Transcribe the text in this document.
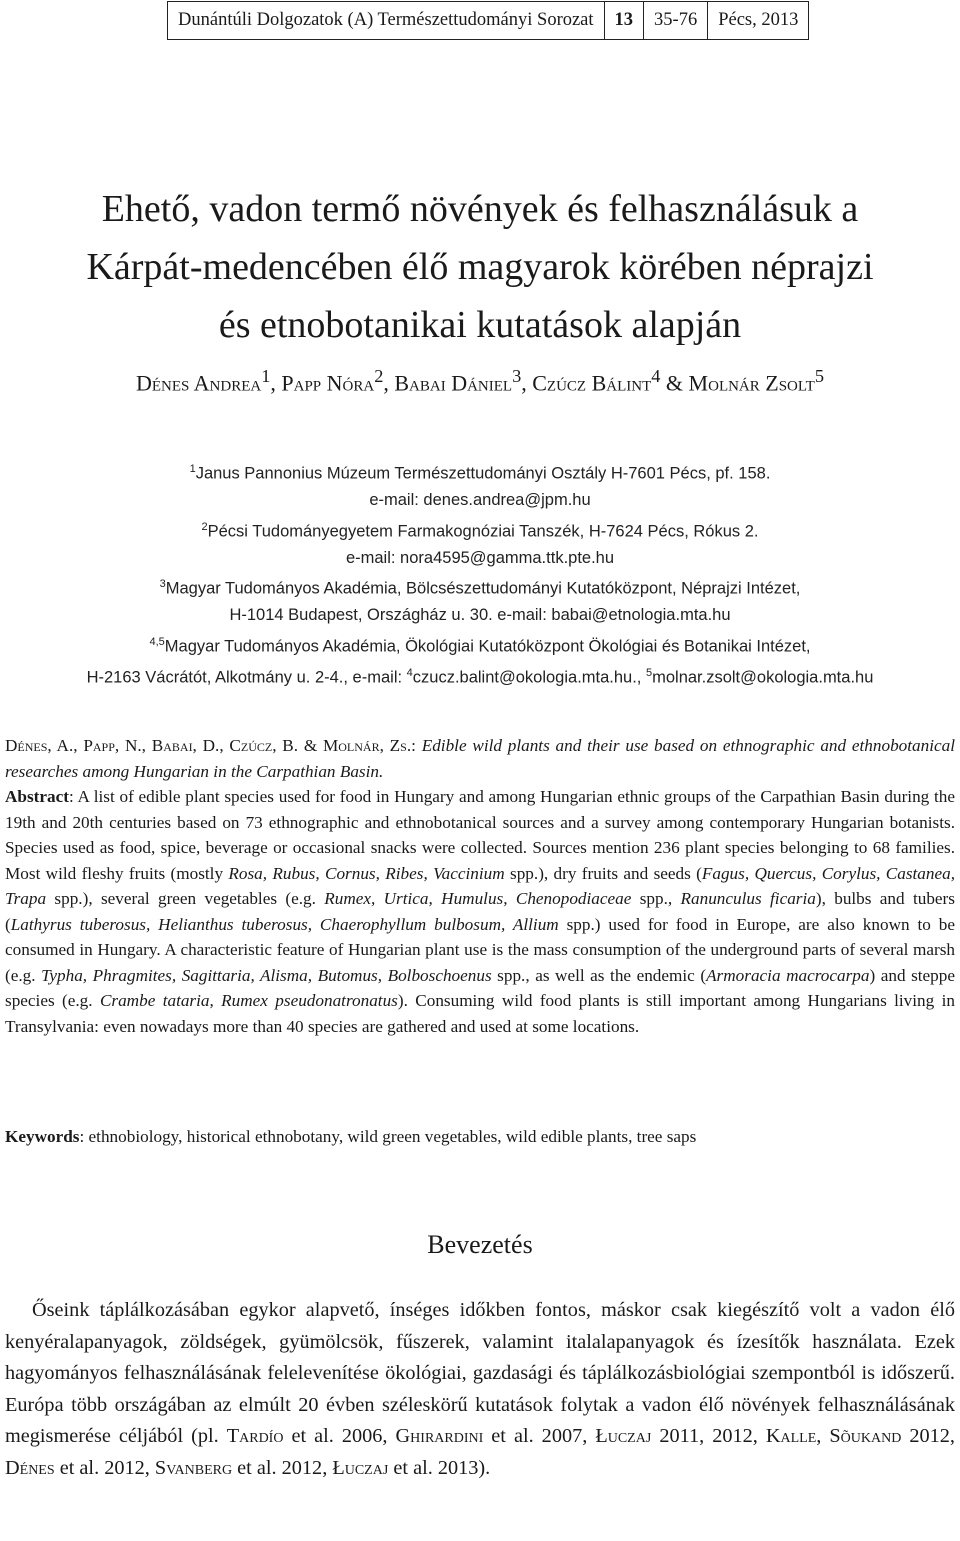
Dunántúli Dolgozatok (A) Természettudományi Sorozat	13	35-76	Pécs, 2013
Ehető, vadon termő növények és felhasználásuk a
Kárpát-medencében élő magyarok körében néprajzi
és etnobotanikai kutatások alapján
Dénes Andrea$^1$, Papp Nóra$^2$, Babai Dániel$^3$, Czúcz Bálint$^4$ & Molnár Zsolt$^5$
$^1$Janus Pannonius Múzeum Természettudományi Osztály H-7601 Pécs, pf. 158.
e-mail: denes.andrea@jpm.hu
$^2$Pécsi Tudományegyetem Farmakognóziai Tanszék, H-7624 Pécs, Rókus 2.
e-mail: nora4595@gamma.ttk.pte.hu
$^3$Magyar Tudományos Akadémia, Bölcsészettudományi Kutatóközpont, Néprajzi Intézet,
H-1014 Budapest, Országház u. 30. e-mail: babai@etnologia.mta.hu
$^{4,5}$Magyar Tudományos Akadémia, Ökológiai Kutatóközpont Ökológiai és Botanikai Intézet,
H-2163 Vácrátót, Alkotmány u. 2-4., e-mail: $^4$czucz.balint@okologia.mta.hu., $^5$molnar.zsolt@okologia.mta.hu

Dénes, A., Papp, N., Babai, D., Czúcz, B. & Molnár, Zs.: Edible wild plants and their use based on ethnographic and ethnobotanical researches among Hungarian in the Carpathian Basin.
Abstract: A list of edible plant species used for food in Hungary and among Hungarian ethnic groups of the Carpathian Basin during the 19th and 20th centuries based on 73 ethnographic and ethnobotanical sources and a survey among contemporary Hungarian botanists. Species used as food, spice, beverage or occasional snacks were collected. Sources mention 236 plant species belonging to 68 families. Most wild fleshy fruits (mostly Rosa, Rubus, Cornus, Ribes, Vaccinium spp.), dry fruits and seeds (Fagus, Quercus, Corylus, Castanea, Trapa spp.), several green vegetables (e.g. Rumex, Urtica, Humulus, Chenopodiaceae spp., Ranunculus ficaria), bulbs and tubers (Lathyrus tuberosus, Helianthus tuberosus, Chaerophyllum bulbosum, Allium spp.) used for food in Europe, are also known to be consumed in Hungary. A characteristic feature of Hungarian plant use is the mass consumption of the underground parts of several marsh (e.g. Typha, Phragmites, Sagittaria, Alisma, Butomus, Bolboschoenus spp., as well as the endemic (Armoracia macrocarpa) and steppe species (e.g. Crambe tataria, Rumex pseudonatronatus). Consuming wild food plants is still important among Hungarians living in Transylvania: even nowadays more than 40 species are gathered and used at some locations.

Keywords: ethnobiology, historical ethnobotany, wild green vegetables, wild edible plants, tree saps

Bevezetés

Őseink táplálkozásában egykor alapvető, ínséges időkben fontos, máskor csak kiegészítő volt a vadon élő kenyéralapanyagok, zöldségek, gyümölcsök, fűszerek, valamint italalapanyagok és ízesítők használata. Ezek hagyományos felhasználásának felelevenítése ökológiai, gazdasági és táplálkozásbiológiai szempontból is időszerű. Európa több országában az elmúlt 20 évben széleskörű kutatások folytak a vadon élő növények felhasználásának megismerése céljából (pl. Tardío et al. 2006, Ghirardini et al. 2007, Łuczaj 2011, 2012, Kalle, Sõukand 2012, Dénes et al. 2012, Svanberg et al. 2012, Łuczaj et al. 2013).
